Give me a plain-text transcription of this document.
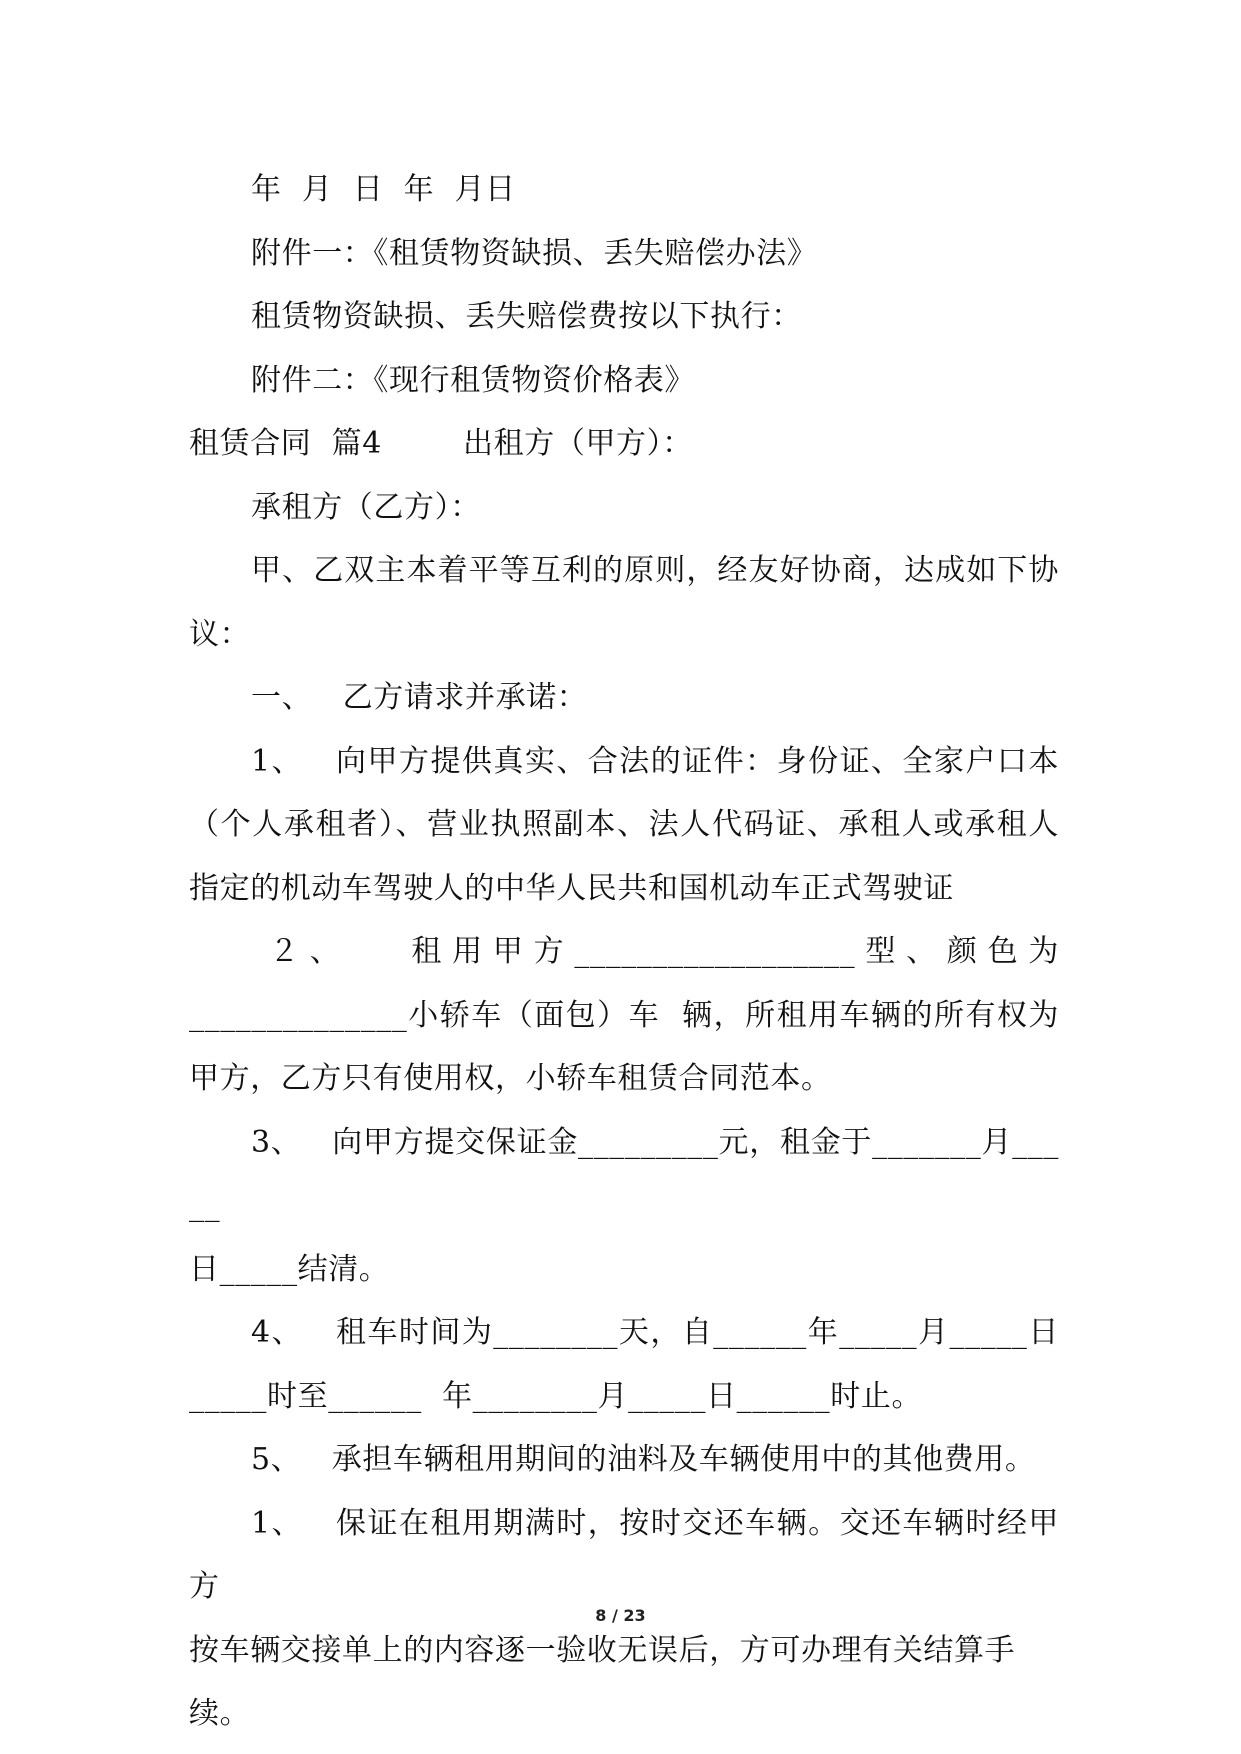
年  月  日  年  月日

附件一：《租赁物资缺损、丢失赔偿办法》

租赁物资缺损、丢失赔偿费按以下执行：

附件二：《现行租赁物资价格表》

租赁合同  篇4        出租方（甲方）：

承租方（乙方）：

甲、乙双主本着平等互利的原则，经友好协商，达成如下协

议：

一、   乙方请求并承诺：

1、   向甲方提供真实、合法的证件：身份证、全家户口本

（个人承租者）、营业执照副本、法人代码证、承租人或承租人

指定的机动车驾驶人的中华人民共和国机动车正式驾驶证

２、   租用甲方__________________型、颜色为

______________小轿车（面包）车  辆，所租用车辆的所有权为

甲方，乙方只有使用权，小轿车租赁合同范本。

3、   向甲方提交保证金_________元，租金于_______月_____

日_____结清。

4、   租车时间为________天，自______年_____月_____日

_____时至______  年________月_____日______时止。

5、   承担车辆租用期间的油料及车辆使用中的其他费用。

1、   保证在租用期满时，按时交还车辆。交还车辆时经甲方

按车辆交接单上的内容逐一验收无误后，方可办理有关结算手续。

8 / 23
